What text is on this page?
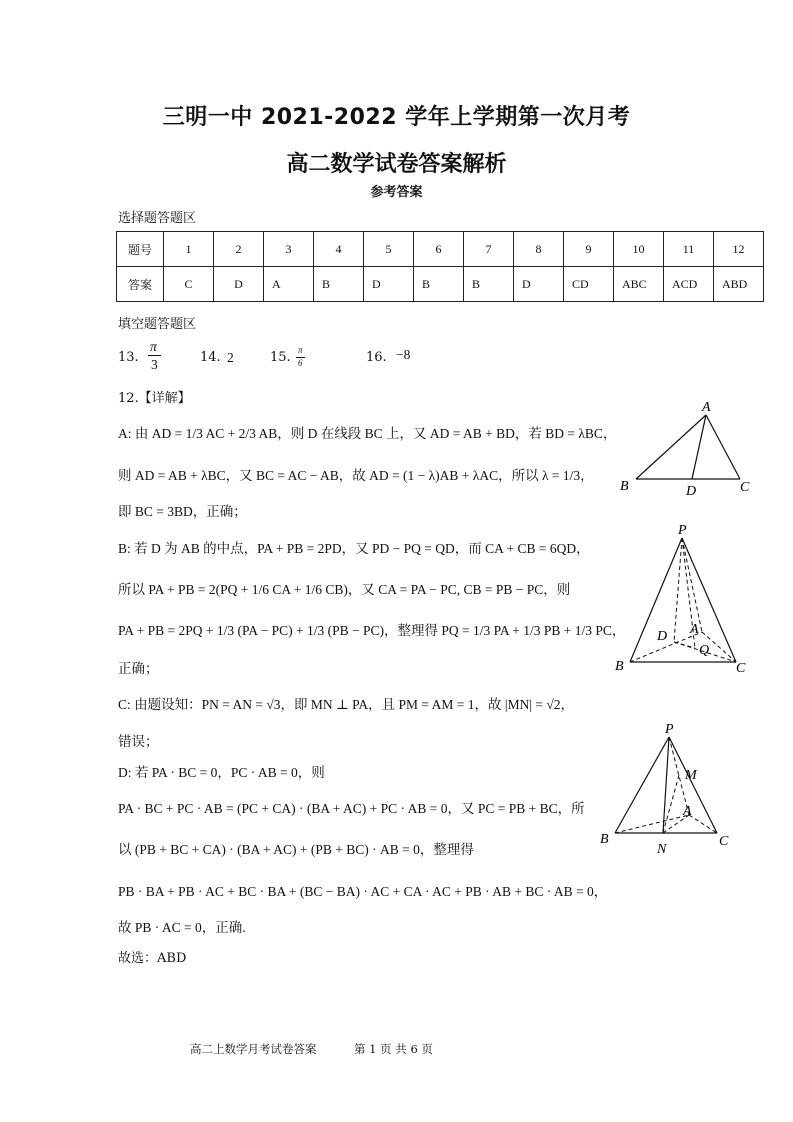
三明一中 2021-2022 学年上学期第一次月考
高二数学试卷答案解析
参考答案
选择题答题区
题号	1	2	3	4	5	6	7	8	9	10	11	12
答案	C	D	A	B	D	B	B	D	CD	ABC	ACD	ABD
填空题答题区
13.
π
3	14. 2	15. π
6	16. −8
12.【详解】
A: 由 AD = 1/3 AC + 2/3 AB，则 D 在线段 BC 上，又 AD = AB + BD，若 BD = λBC，
则 AD = AB + λBC，又 BC = AC − AB，故 AD = (1 − λ)AB + λAC，所以 λ = 1/3，
即 BC = 3BD，正确；
B: 若 D 为 AB 的中点，PA + PB = 2PD，又 PD − PQ = QD，而 CA + CB = 6QD，
所以 PA + PB = 2(PQ + 1/6 CA + 1/6 CB)，又 CA = PA − PC, CB = PB − PC，则
PA + PB = 2PQ + 1/3 (PA − PC) + 1/3 (PB − PC)，整理得 PQ = 1/3 PA + 1/3 PB + 1/3 PC，
正确；
C: 由题设知：PN = AN = √3，即 MN ⊥ PA，且 PM = AM = 1，故 |MN| = √2，
错误；
D: 若 PA · BC = 0，PC · AB = 0，则
PA · BC + PC · AB = (PC + CA) · (BA + AC) + PC · AB = 0，又 PC = PB + BC，所
以 (PB + BC + CA) · (BA + AC) + (PB + BC) · AB = 0，整理得
PB · BA + PB · AC + BC · BA + (BC − BA) · AC + CA · AC + PB · AB + BC · AB = 0，
故 PB · AC = 0，正确.
故选：ABD
A
B	D	C
P
D A
Q
B	C
P
M
A
B
N
C
高二上数学月考试卷答案	第 1 页 共 6 页
